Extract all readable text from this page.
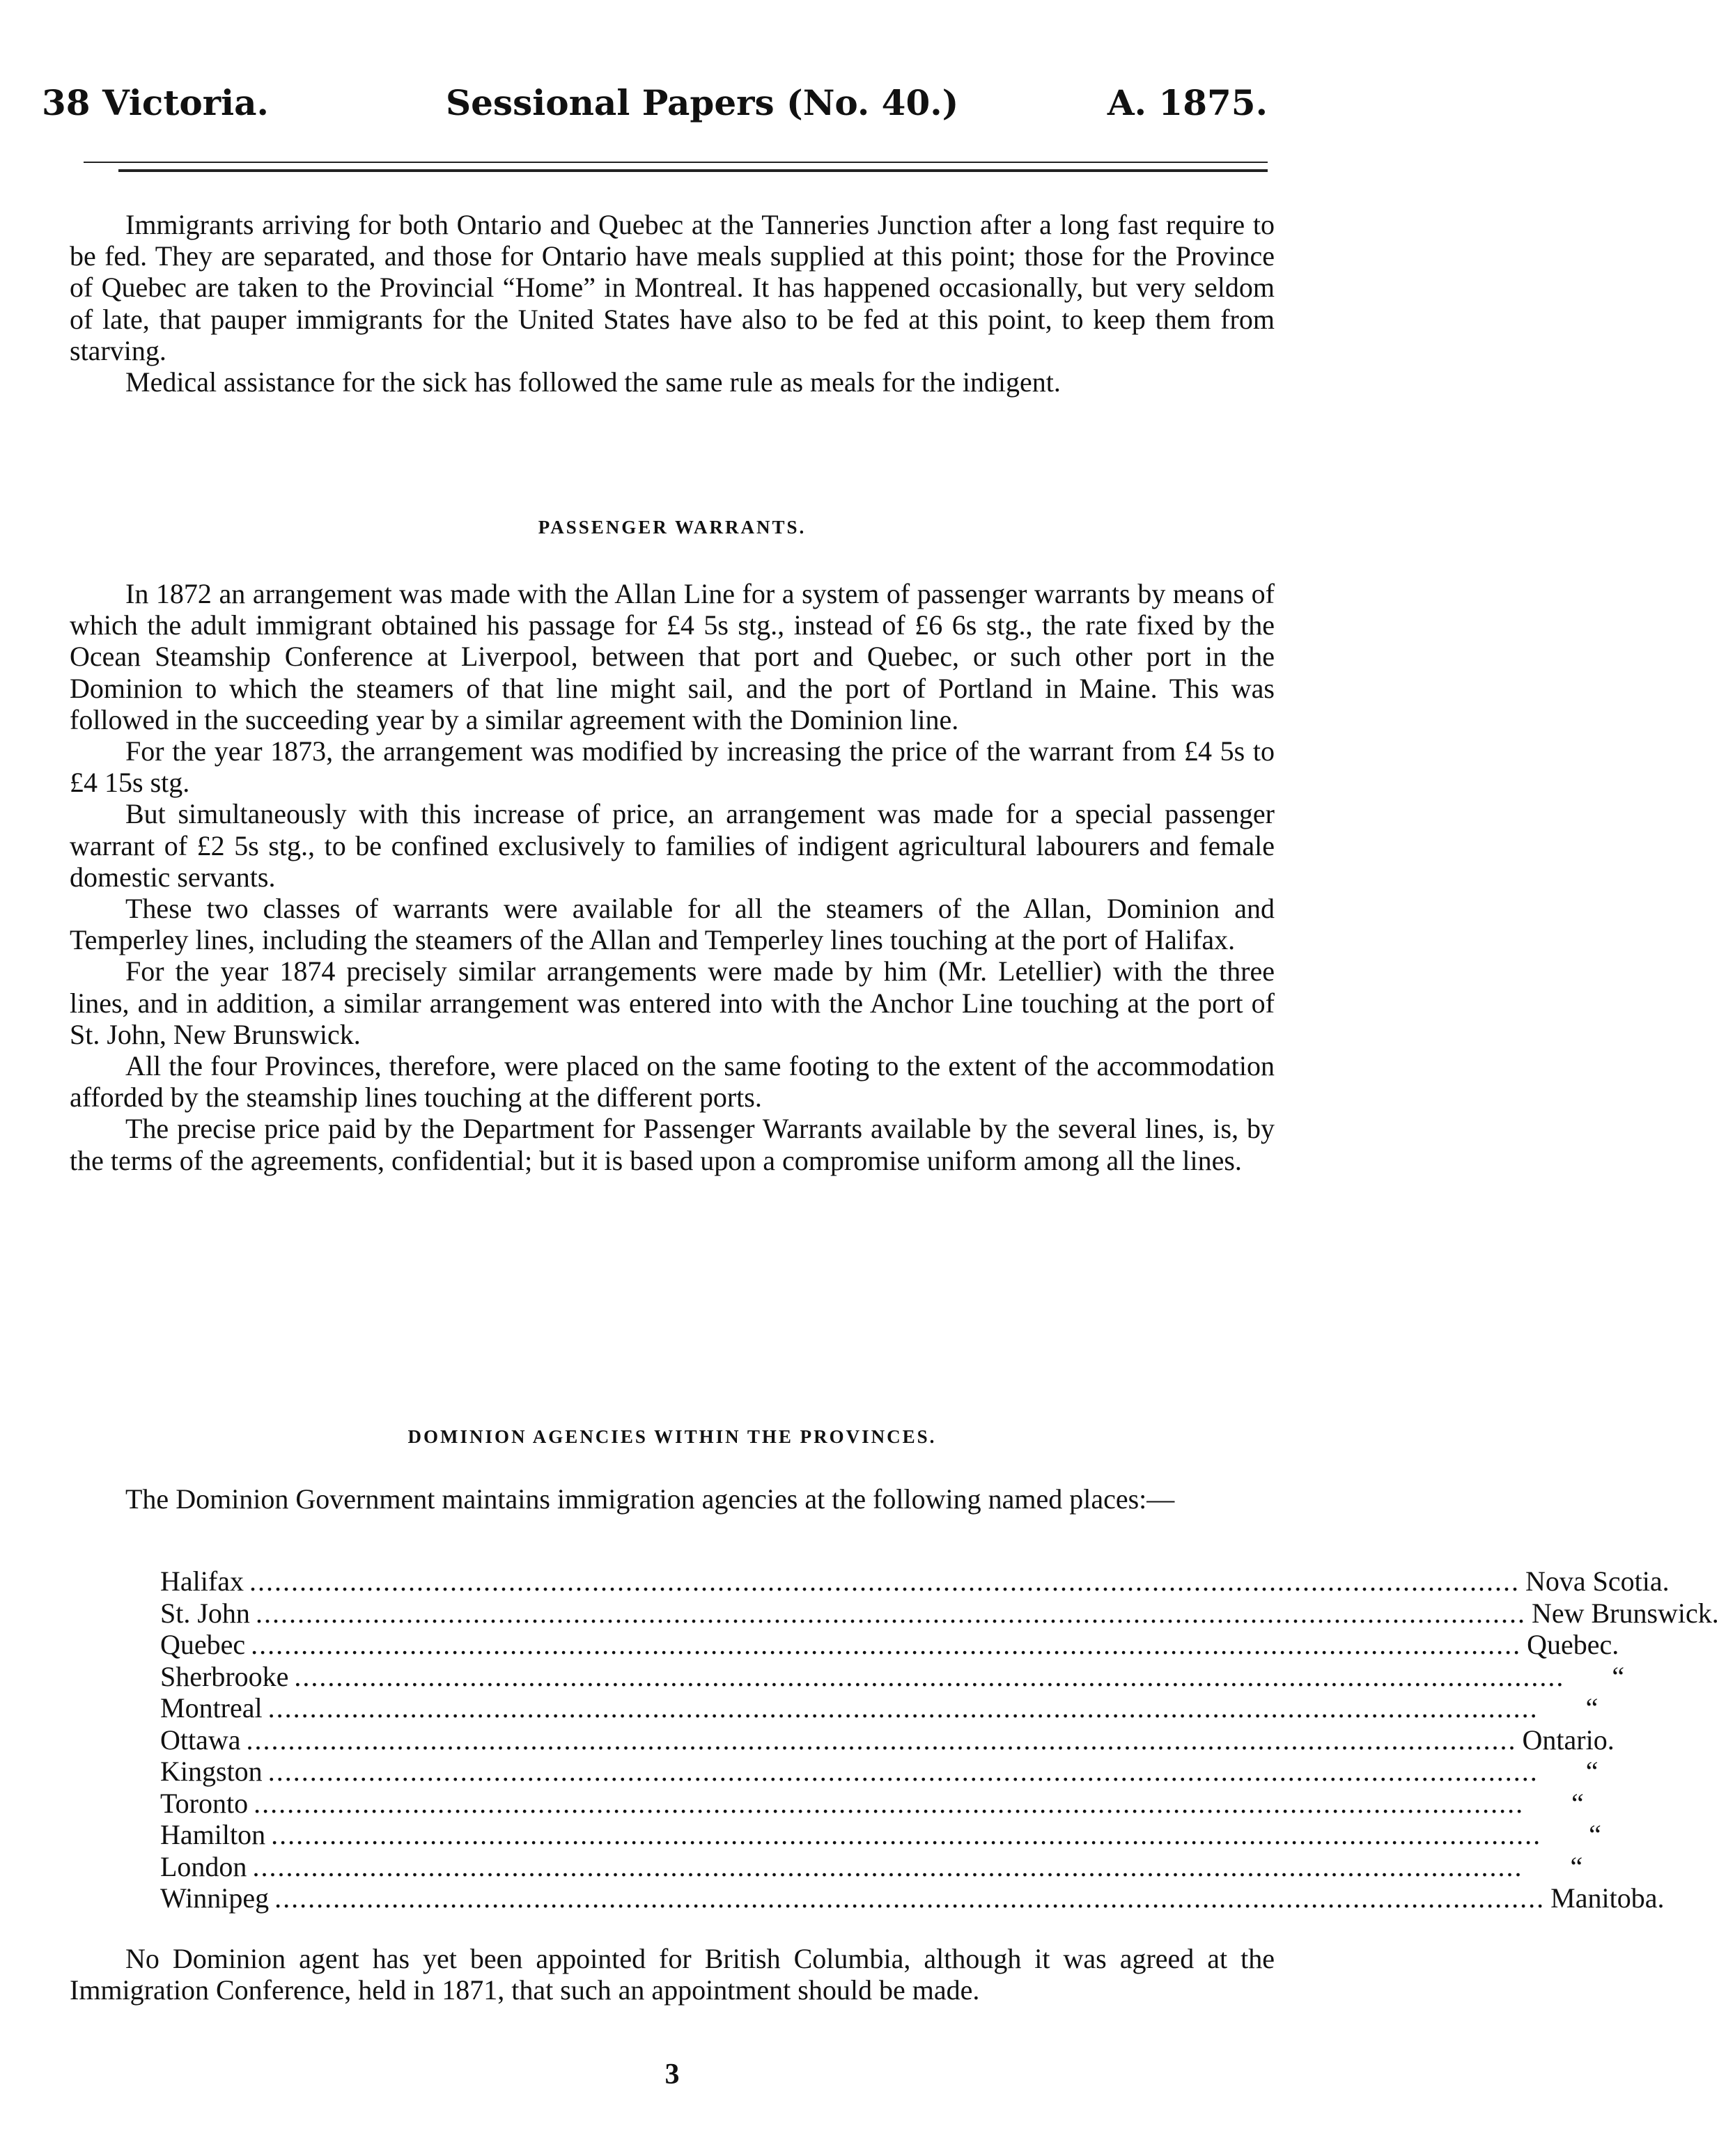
38 Victoria.	Sessional Papers (No. 40.)	A. 1875.

Immigrants arriving for both Ontario and Quebec at the Tanneries Junction after a long fast require to be fed. They are separated, and those for Ontario have meals supplied at this point; those for the Province of Quebec are taken to the Provincial “Home” in Montreal. It has happened occasionally, but very seldom of late, that pauper immigrants for the United States have also to be fed at this point, to keep them from starving.

Medical assistance for the sick has followed the same rule as meals for the indigent.

PASSENGER WARRANTS.

In 1872 an arrangement was made with the Allan Line for a system of passenger warrants by means of which the adult immigrant obtained his passage for £4 5s stg., instead of £6 6s stg., the rate fixed by the Ocean Steamship Conference at Liverpool, between that port and Quebec, or such other port in the Dominion to which the steamers of that line might sail, and the port of Portland in Maine. This was followed in the succeeding year by a similar agreement with the Dominion line.

For the year 1873, the arrangement was modified by increasing the price of the warrant from £4 5s to £4 15s stg.

But simultaneously with this increase of price, an arrangement was made for a special passenger warrant of £2 5s stg., to be confined exclusively to families of indigent agricultural labourers and female domestic servants.

These two classes of warrants were available for all the steamers of the Allan, Dominion and Temperley lines, including the steamers of the Allan and Temperley lines touching at the port of Halifax.

For the year 1874 precisely similar arrangements were made by him (Mr. Letellier) with the three lines, and in addition, a similar arrangement was entered into with the Anchor Line touching at the port of St. John, New Brunswick.

All the four Provinces, therefore, were placed on the same footing to the extent of the accommodation afforded by the steamship lines touching at the different ports.

The precise price paid by the Department for Passenger Warrants available by the several lines, is, by the terms of the agreements, confidential; but it is based upon a compromise uniform among all the lines.

DOMINION AGENCIES WITHIN THE PROVINCES.

The Dominion Government maintains immigration agencies at the following named places:—

Halifax ........................................................................................................................................................ Nova Scotia.
St. John ........................................................................................................................................................ New Brunswick.
Quebec ........................................................................................................................................................ Quebec.
Sherbrooke ........................................................................................................................................................	“
Montreal ........................................................................................................................................................	“
Ottawa ........................................................................................................................................................ Ontario.
Kingston ........................................................................................................................................................	“
Toronto ........................................................................................................................................................	“
Hamilton ........................................................................................................................................................	“
London ........................................................................................................................................................	“
Winnipeg ........................................................................................................................................................ Manitoba.

No Dominion agent has yet been appointed for British Columbia, although it was agreed at the Immigration Conference, held in 1871, that such an appointment should be made.

3
